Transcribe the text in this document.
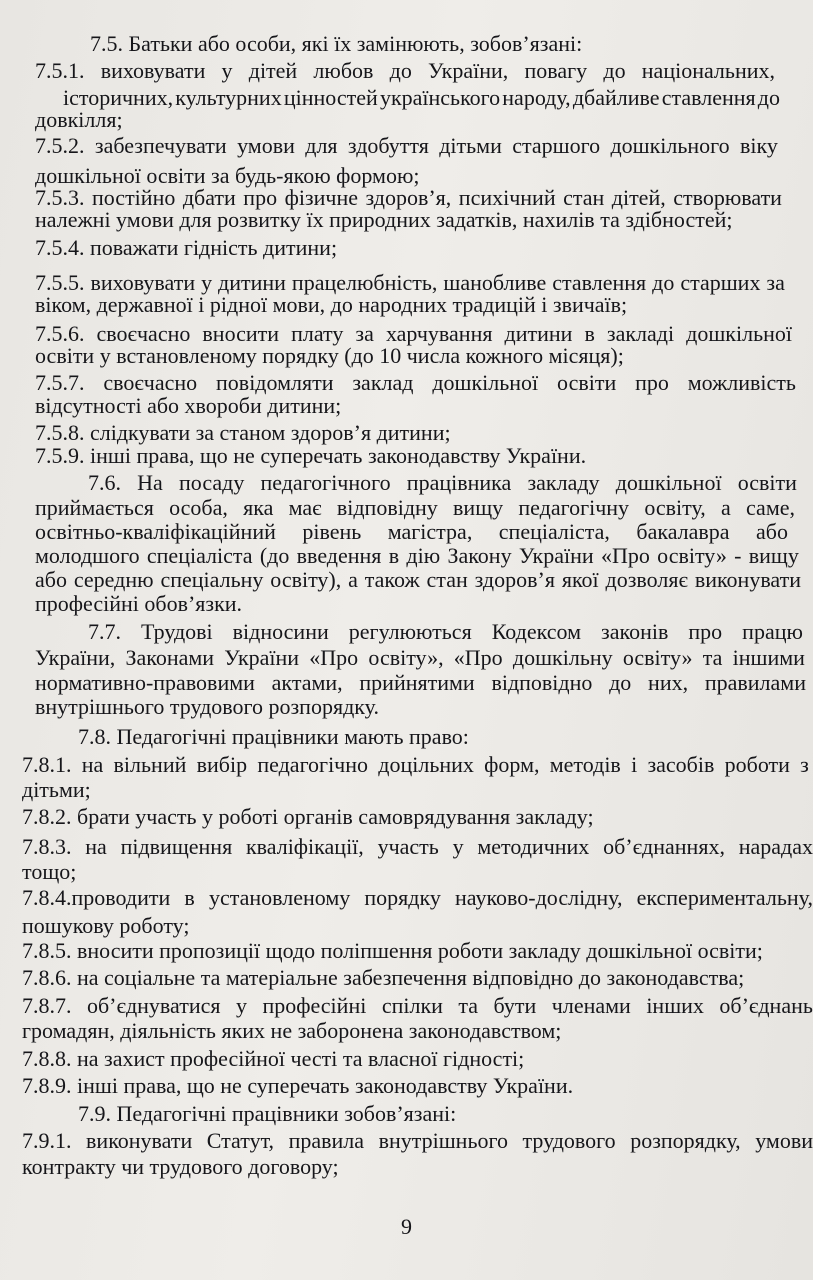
7.5. Батьки або особи, які їх замінюють, зобов’язані:
7.5.1. виховувати у дітей любов до України, повагу до національних,
історичних, культурних цінностей українського народу, дбайливе ставлення до
довкілля;
7.5.2. забезпечувати умови для здобуття дітьми старшого дошкільного віку
дошкільної освіти за будь-якою формою;
7.5.3. постійно дбати про фізичне здоров’я, психічний стан дітей, створювати
належні умови для розвитку їх природних задатків, нахилів та здібностей;
7.5.4. поважати гідність дитини;
7.5.5. виховувати у дитини працелюбність, шанобливе ставлення до старших за
віком, державної і рідної мови, до народних традицій і звичаїв;
7.5.6. своєчасно вносити плату за харчування дитини в закладі дошкільної
освіти у встановленому порядку (до 10 числа кожного місяця);
7.5.7. своєчасно повідомляти заклад дошкільної освіти про можливість
відсутності або хвороби дитини;
7.5.8. слідкувати за станом здоров’я дитини;
7.5.9. інші права, що не суперечать законодавству України.
7.6. На посаду педагогічного працівника закладу дошкільної освіти
приймається особа, яка має відповідну вищу педагогічну освіту, а саме,
освітньо-кваліфікаційний рівень магістра, спеціаліста, бакалавра або
молодшого спеціаліста (до введення в дію Закону України «Про освіту» - вищу
або середню спеціальну освіту), а також стан здоров’я якої дозволяє виконувати
професійні обов’язки.
7.7. Трудові відносини регулюються Кодексом законів про працю
України, Законами України «Про освіту», «Про дошкільну освіту» та іншими
нормативно-правовими актами, прийнятими відповідно до них, правилами
внутрішнього трудового розпорядку.
7.8. Педагогічні працівники мають право:
7.8.1. на вільний вибір педагогічно доцільних форм, методів і засобів роботи з
дітьми;
7.8.2. брати участь у роботі органів самоврядування закладу;
7.8.3. на підвищення кваліфікації, участь у методичних об’єднаннях, нарадах
тощо;
7.8.4.проводити в установленому порядку науково-дослідну, експериментальну,
пошукову роботу;
7.8.5. вносити пропозиції щодо поліпшення роботи закладу дошкільної освіти;
7.8.6. на соціальне та матеріальне забезпечення відповідно до законодавства;
7.8.7. об’єднуватися у професійні спілки та бути членами інших об’єднань
громадян, діяльність яких не заборонена законодавством;
7.8.8. на захист професійної честі та власної гідності;
7.8.9. інші права, що не суперечать законодавству України.
7.9. Педагогічні працівники зобов’язані:
7.9.1. виконувати Статут, правила внутрішнього трудового розпорядку, умови
контракту чи трудового договору;
9
